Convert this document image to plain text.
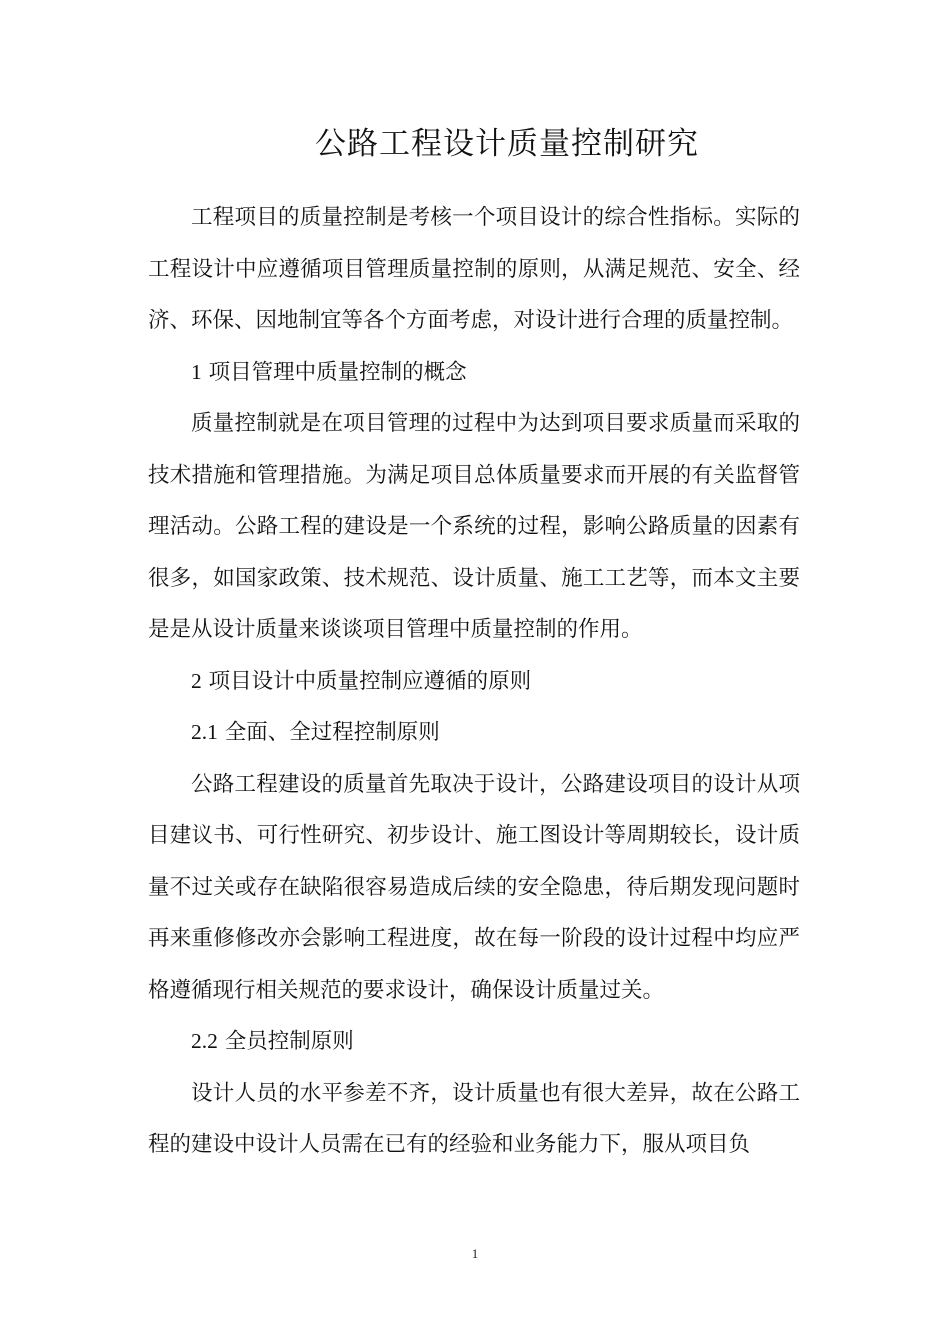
公路工程设计质量控制研究

工程项目的质量控制是考核一个项目设计的综合性指标。实际的工程设计中应遵循项目管理质量控制的原则，从满足规范、安全、经济、环保、因地制宜等各个方面考虑，对设计进行合理的质量控制。

1 项目管理中质量控制的概念

质量控制就是在项目管理的过程中为达到项目要求质量而采取的技术措施和管理措施。为满足项目总体质量要求而开展的有关监督管理活动。公路工程的建设是一个系统的过程，影响公路质量的因素有很多，如国家政策、技术规范、设计质量、施工工艺等，而本文主要是是从设计质量来谈谈项目管理中质量控制的作用。

2 项目设计中质量控制应遵循的原则

2.1 全面、全过程控制原则

公路工程建设的质量首先取决于设计，公路建设项目的设计从项目建议书、可行性研究、初步设计、施工图设计等周期较长，设计质量不过关或存在缺陷很容易造成后续的安全隐患，待后期发现问题时再来重修修改亦会影响工程进度，故在每一阶段的设计过程中均应严格遵循现行相关规范的要求设计，确保设计质量过关。

2.2 全员控制原则

设计人员的水平参差不齐，设计质量也有很大差异，故在公路工程的建设中设计人员需在已有的经验和业务能力下，服从项目负

1
